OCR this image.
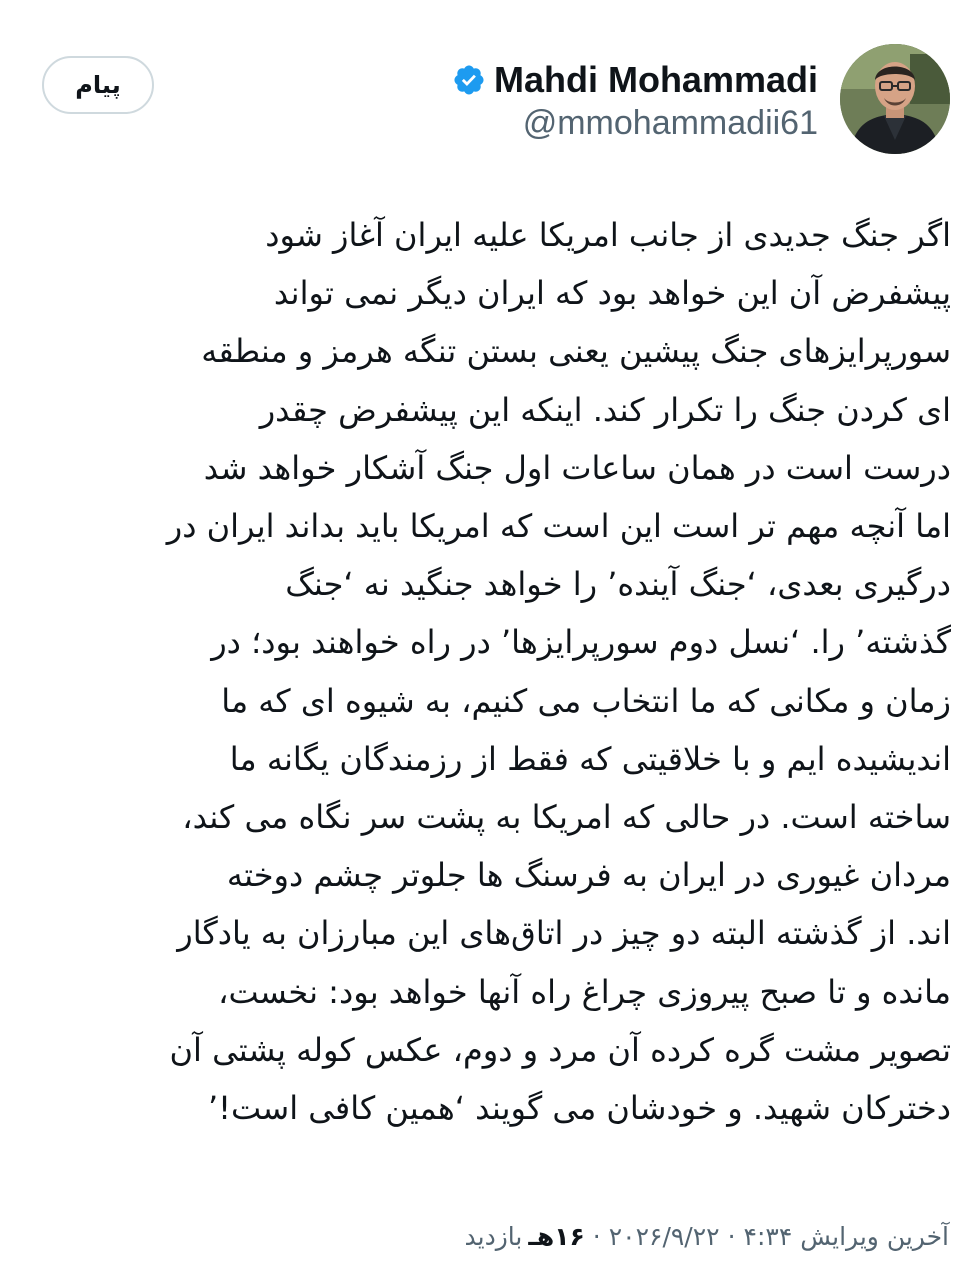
Mahdi Mohammadi
@mmohammadii61
پیام
اگر جنگ جدیدی از جانب امریکا علیه ایران آغاز شود
پیشفرض آن این خواهد بود که ایران دیگر نمی تواند
سورپرایزهای جنگ پیشین یعنی بستن تنگه هرمز و منطقه
ای کردن جنگ را تکرار کند. اینکه این پیشفرض چقدر
درست است در همان ساعات اول جنگ آشکار خواهد شد
اما آنچه مهم تر است این است که امریکا باید بداند ایران در
درگیری بعدی، ‘جنگ آینده’ را خواهد جنگید نه ‘جنگ
گذشته’ را. ‘نسل دوم سورپرایزها’ در راه خواهند بود؛ در
زمان و مکانی که ما انتخاب می کنیم، به شیوه ای که ما
اندیشیده ایم و با خلاقیتی که فقط از رزمندگان یگانه ما
ساخته است. در حالی که امریکا به پشت سر نگاه می کند،
مردان غیوری در ایران به فرسنگ ها جلوتر چشم دوخته
اند. از گذشته البته دو چیز در اتاق‌های این مبارزان به یادگار
مانده و تا صبح پیروزی چراغ راه آنها خواهد بود: نخست،
تصویر مشت گره کرده آن مرد و دوم، عکس کوله پشتی آن
دخترکان شهید. و خودشان می گویند ‘همین کافی است!’
آخرین ویرایش
۴:۳۴
·
۲۰۲۶/۹/۲۲
·
۱۶هـ
بازدید
